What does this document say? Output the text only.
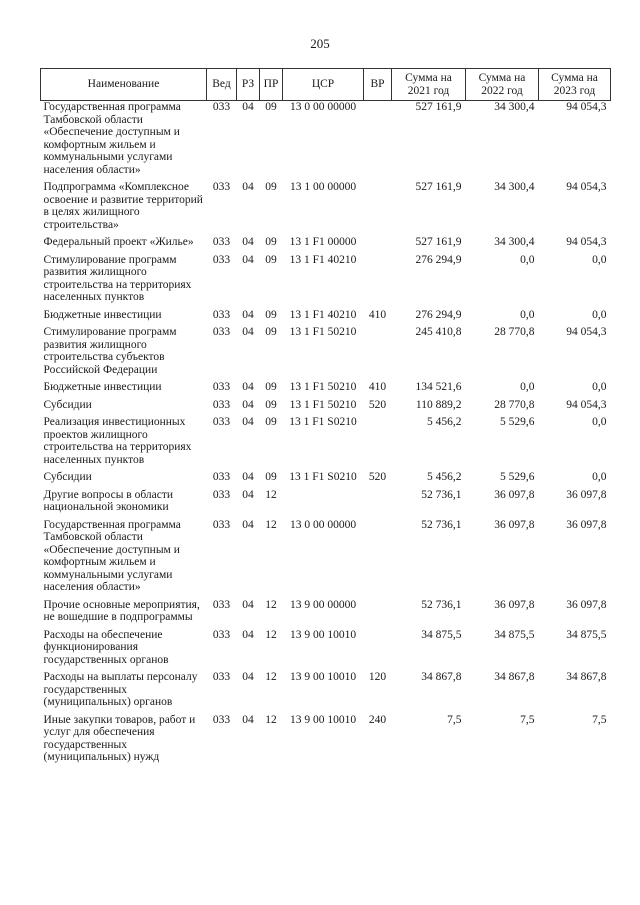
205
Наименование	Вед	РЗ	ПР	ЦСР	ВР	Сумма на 2021 год	Сумма на 2022 год	Сумма на 2023 год
Государственная программа Тамбовской области «Обеспечение доступным и комфортным жильем и коммунальными услугами населения области»	033	04	09	13 0 00 00000		527 161,9	34 300,4	94 054,3
Подпрограмма «Комплексное освоение и развитие территорий в целях жилищного строительства»	033	04	09	13 1 00 00000		527 161,9	34 300,4	94 054,3
Федеральный проект «Жилье»	033	04	09	13 1 F1 00000		527 161,9	34 300,4	94 054,3
Стимулирование программ развития жилищного строительства на территориях населенных пунктов	033	04	09	13 1 F1 40210		276 294,9	0,0	0,0
Бюджетные инвестиции	033	04	09	13 1 F1 40210	410	276 294,9	0,0	0,0
Стимулирование программ развития жилищного строительства субъектов Российской Федерации	033	04	09	13 1 F1 50210		245 410,8	28 770,8	94 054,3
Бюджетные инвестиции	033	04	09	13 1 F1 50210	410	134 521,6	0,0	0,0
Субсидии	033	04	09	13 1 F1 50210	520	110 889,2	28 770,8	94 054,3
Реализация инвестиционных проектов жилищного строительства на территориях населенных пунктов	033	04	09	13 1 F1 S0210		5 456,2	5 529,6	0,0
Субсидии	033	04	09	13 1 F1 S0210	520	5 456,2	5 529,6	0,0
Другие вопросы в области национальной экономики	033	04	12			52 736,1	36 097,8	36 097,8
Государственная программа Тамбовской области «Обеспечение доступным и комфортным жильем и коммунальными услугами населения области»	033	04	12	13 0 00 00000		52 736,1	36 097,8	36 097,8
Прочие основные мероприятия, не вошедшие в подпрограммы	033	04	12	13 9 00 00000		52 736,1	36 097,8	36 097,8
Расходы на обеспечение функционирования государственных органов	033	04	12	13 9 00 10010		34 875,5	34 875,5	34 875,5
Расходы на выплаты персоналу государственных (муниципальных) органов	033	04	12	13 9 00 10010	120	34 867,8	34 867,8	34 867,8
Иные закупки товаров, работ и услуг для обеспечения государственных (муниципальных) нужд	033	04	12	13 9 00 10010	240	7,5	7,5	7,5
